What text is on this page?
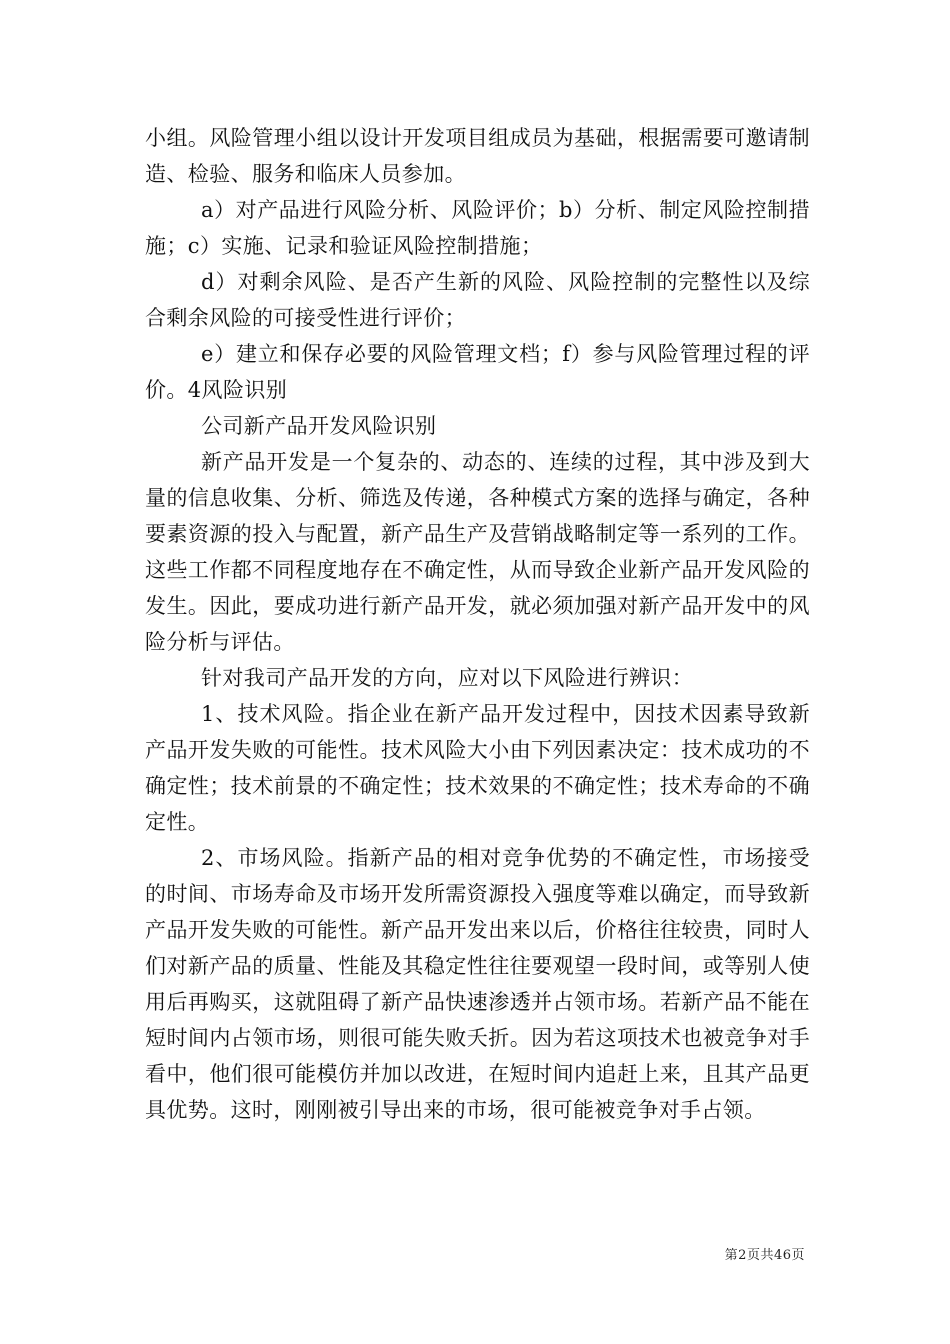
小组。风险管理小组以设计开发项目组成员为基础，根据需要可邀请制造、检验、服务和临床人员参加。

a）对产品进行风险分析、风险评价；b）分析、制定风险控制措施；c）实施、记录和验证风险控制措施；

d）对剩余风险、是否产生新的风险、风险控制的完整性以及综合剩余风险的可接受性进行评价；

e）建立和保存必要的风险管理文档；f）参与风险管理过程的评价。4风险识别

公司新产品开发风险识别

新产品开发是一个复杂的、动态的、连续的过程，其中涉及到大量的信息收集、分析、筛选及传递，各种模式方案的选择与确定，各种要素资源的投入与配置，新产品生产及营销战略制定等一系列的工作。这些工作都不同程度地存在不确定性，从而导致企业新产品开发风险的发生。因此，要成功进行新产品开发，就必须加强对新产品开发中的风险分析与评估。

针对我司产品开发的方向，应对以下风险进行辨识：

1、技术风险。指企业在新产品开发过程中，因技术因素导致新产品开发失败的可能性。技术风险大小由下列因素决定：技术成功的不确定性；技术前景的不确定性；技术效果的不确定性；技术寿命的不确定性。

2、市场风险。指新产品的相对竞争优势的不确定性，市场接受的时间、市场寿命及市场开发所需资源投入强度等难以确定，而导致新产品开发失败的可能性。新产品开发出来以后，价格往往较贵，同时人们对新产品的质量、性能及其稳定性往往要观望一段时间，或等别人使用后再购买，这就阻碍了新产品快速渗透并占领市场。若新产品不能在短时间内占领市场，则很可能失败夭折。因为若这项技术也被竞争对手看中，他们很可能模仿并加以改进，在短时间内追赶上来，且其产品更具优势。这时，刚刚被引导出来的市场，很可能被竞争对手占领。

第2页共46页
